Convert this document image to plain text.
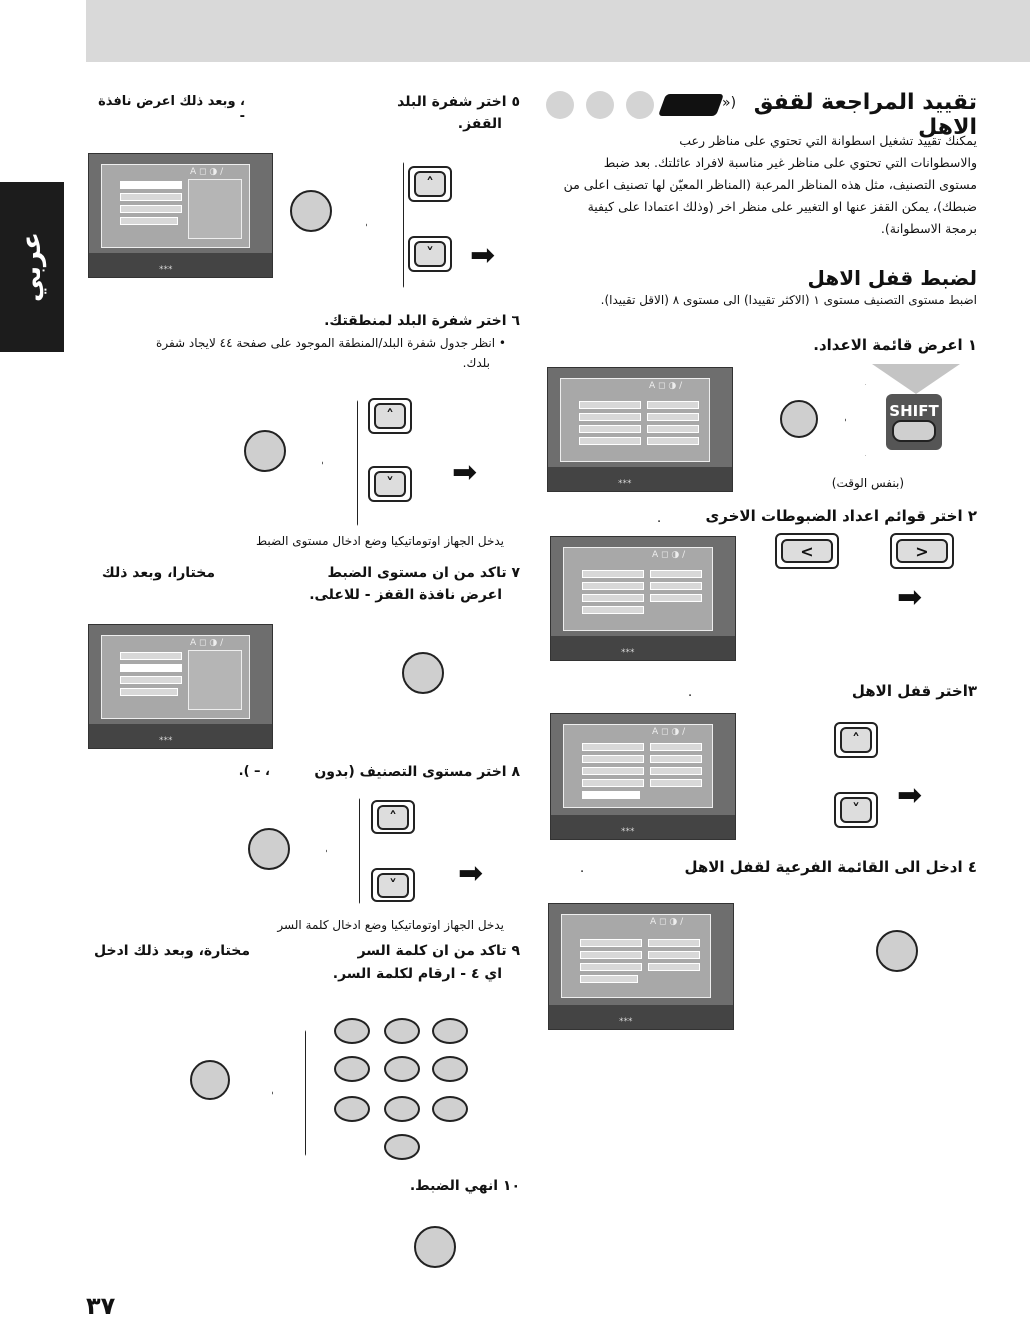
عربي
») تقييد المراجعة لقفق الاهل
يمكنك تقييد تشغيل اسطوانة التي تحتوي على مناظر رعب
والاسطوانات التي تحتوي على مناظر غير مناسبة لافراد عائلتك. بعد ضبط
مستوى التصنيف، مثل هذه المناظر المرعبة (المناظر المعيّن لها تصنيف اعلى من
ضبطك)، يمكن القفز عنها او التغيير على منظر اخر (وذلك اعتمادا على كيفية
برمجة الاسطوانة).
لضبط قفل الاهل
اضبط مستوى التصنيف مستوى ١ (الاكثر تقييدا) الى مستوى ٨ (الاقل تقييدا).
١ اعرض قائمة الاعداد.
A ◻ ◑ /
⁎⁎⁎
SHIFT
(بنفس الوقت)
٢ اختر قوائم اعداد الضبوطات الاخرى
.
A ◻ ◑ /
⁎⁎⁎
<	>
➡
٣اختر قفل الاهل
.
A ◻ ◑ /
⁎⁎⁎
˄
˅	➡
٤ ادخل الى القائمة الفرعية لقفل الاهل
.
A ◻ ◑ /
⁎⁎⁎
٥ اختر شفرة البلد
، وبعد ذلك اعرض نافذة -	القفز.
A ◻ ◑ /
⁎⁎⁎
˄
˅	➡
٦ اختر شفرة البلد لمنطقتك.
• انظر جدول شفرة البلد/المنطقة الموجود على صفحة ٤٤ لايجاد شفرة
بلدك.
˄
˅	➡
يدخل الجهاز اوتوماتيكيا وضع ادخال مستوى الضبط
٧ تاكد من ان مستوى الضبط
مختارا، وبعد ذلك
اعرض نافذة القفز - للاعلى.
A ◻ ◑ /
⁎⁎⁎
٨ اختر مستوى التصنيف (بدون
، – ).
˄
˅	➡
يدخل الجهاز اوتوماتيكيا وضع ادخال كلمة السر
٩ تاكد من ان كلمة السر
مختارة، وبعد ذلك ادخل
اي ٤ - ارقام لكلمة السر.
١٠ انهي الضبط.
٣٧
